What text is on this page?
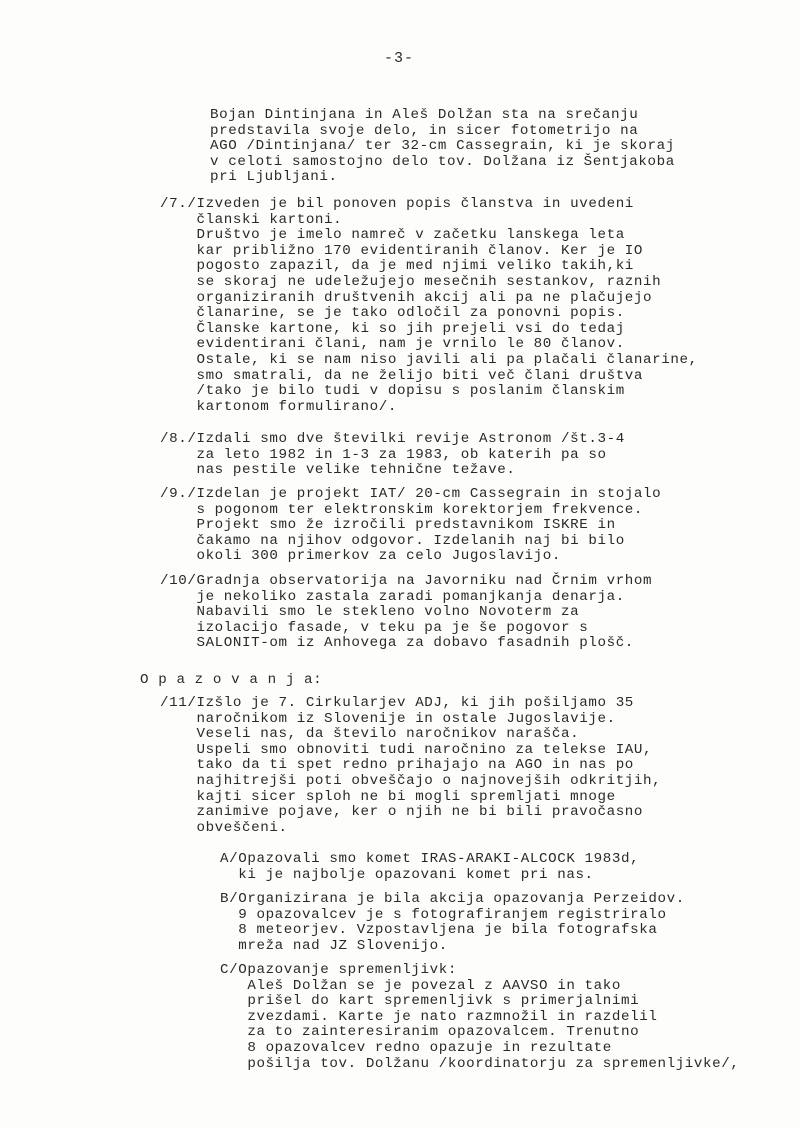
-3-
Bojan Dintinjana in Aleš Dolžan sta na srečanju
predstavila svoje delo, in sicer fotometrijo na
AGO /Dintinjana/ ter 32-cm Cassegrain, ki je skoraj
v celoti samostojno delo tov. Dolžana iz Šentjakoba
pri Ljubljani.
/7./Izveden je bil ponoven popis članstva in uvedeni
članski kartoni.
Društvo je imelo namreč v začetku lanskega leta
kar približno 170 evidentiranih članov. Ker je IO
pogosto zapazil, da je med njimi veliko takih,ki
se skoraj ne udeležujejo mesečnih sestankov, raznih
organiziranih društvenih akcij ali pa ne plačujejo
članarine, se je tako odločil za ponovni popis.
Članske kartone, ki so jih prejeli vsi do tedaj
evidentirani člani, nam je vrnilo le 80 članov.
Ostale, ki se nam niso javili ali pa plačali članarine,
smo smatrali, da ne želijo biti več člani društva
/tako je bilo tudi v dopisu s poslanim članskim
kartonom formulirano/.
/8./Izdali smo dve številki revije Astronom /št.3-4
za leto 1982 in 1-3 za 1983, ob katerih pa so
nas pestile velike tehnične težave.
/9./Izdelan je projekt IAT/ 20-cm Cassegrain in stojalo
s pogonom ter elektronskim korektorjem frekvence.
Projekt smo že izročili predstavnikom ISKRE in
čakamo na njihov odgovor. Izdelanih naj bi bilo
okoli 300 primerkov za celo Jugoslavijo.
/10/Gradnja observatorija na Javorniku nad Črnim vrhom
je nekoliko zastala zaradi pomanjkanja denarja.
Nabavili smo le stekleno volno Novoterm za
izolacijo fasade, v teku pa je še pogovor s
SALONIT-om iz Anhovega za dobavo fasadnih plošč.
O p a z o v a n j a:
/11/Izšlo je 7. Cirkularjev ADJ, ki jih pošiljamo 35
naročnikom iz Slovenije in ostale Jugoslavije.
Veseli nas, da število naročnikov narašča.
Uspeli smo obnoviti tudi naročnino za telekse IAU,
tako da ti spet redno prihajajo na AGO in nas po
najhitrejši poti obveščajo o najnovejših odkritjih,
kajti sicer sploh ne bi mogli spremljati mnoge
zanimive pojave, ker o njih ne bi bili pravočasno
obveščeni.
A/Opazovali smo komet IRAS-ARAKI-ALCOCK 1983d,
ki je najbolje opazovani komet pri nas.
B/Organizirana je bila akcija opazovanja Perzeidov.
9 opazovalcev je s fotografiranjem registriralo
8 meteorjev. Vzpostavljena je bila fotografska
mreža nad JZ Slovenijo.
C/Opazovanje spremenljivk:
Aleš Dolžan se je povezal z AAVSO in tako
prišel do kart spremenljivk s primerjalnimi
zvezdami. Karte je nato razmnožil in razdelil
za to zainteresiranim opazovalcem. Trenutno
8 opazovalcev redno opazuje in rezultate
pošilja tov. Dolžanu /koordinatorju za spremenljivke/,
